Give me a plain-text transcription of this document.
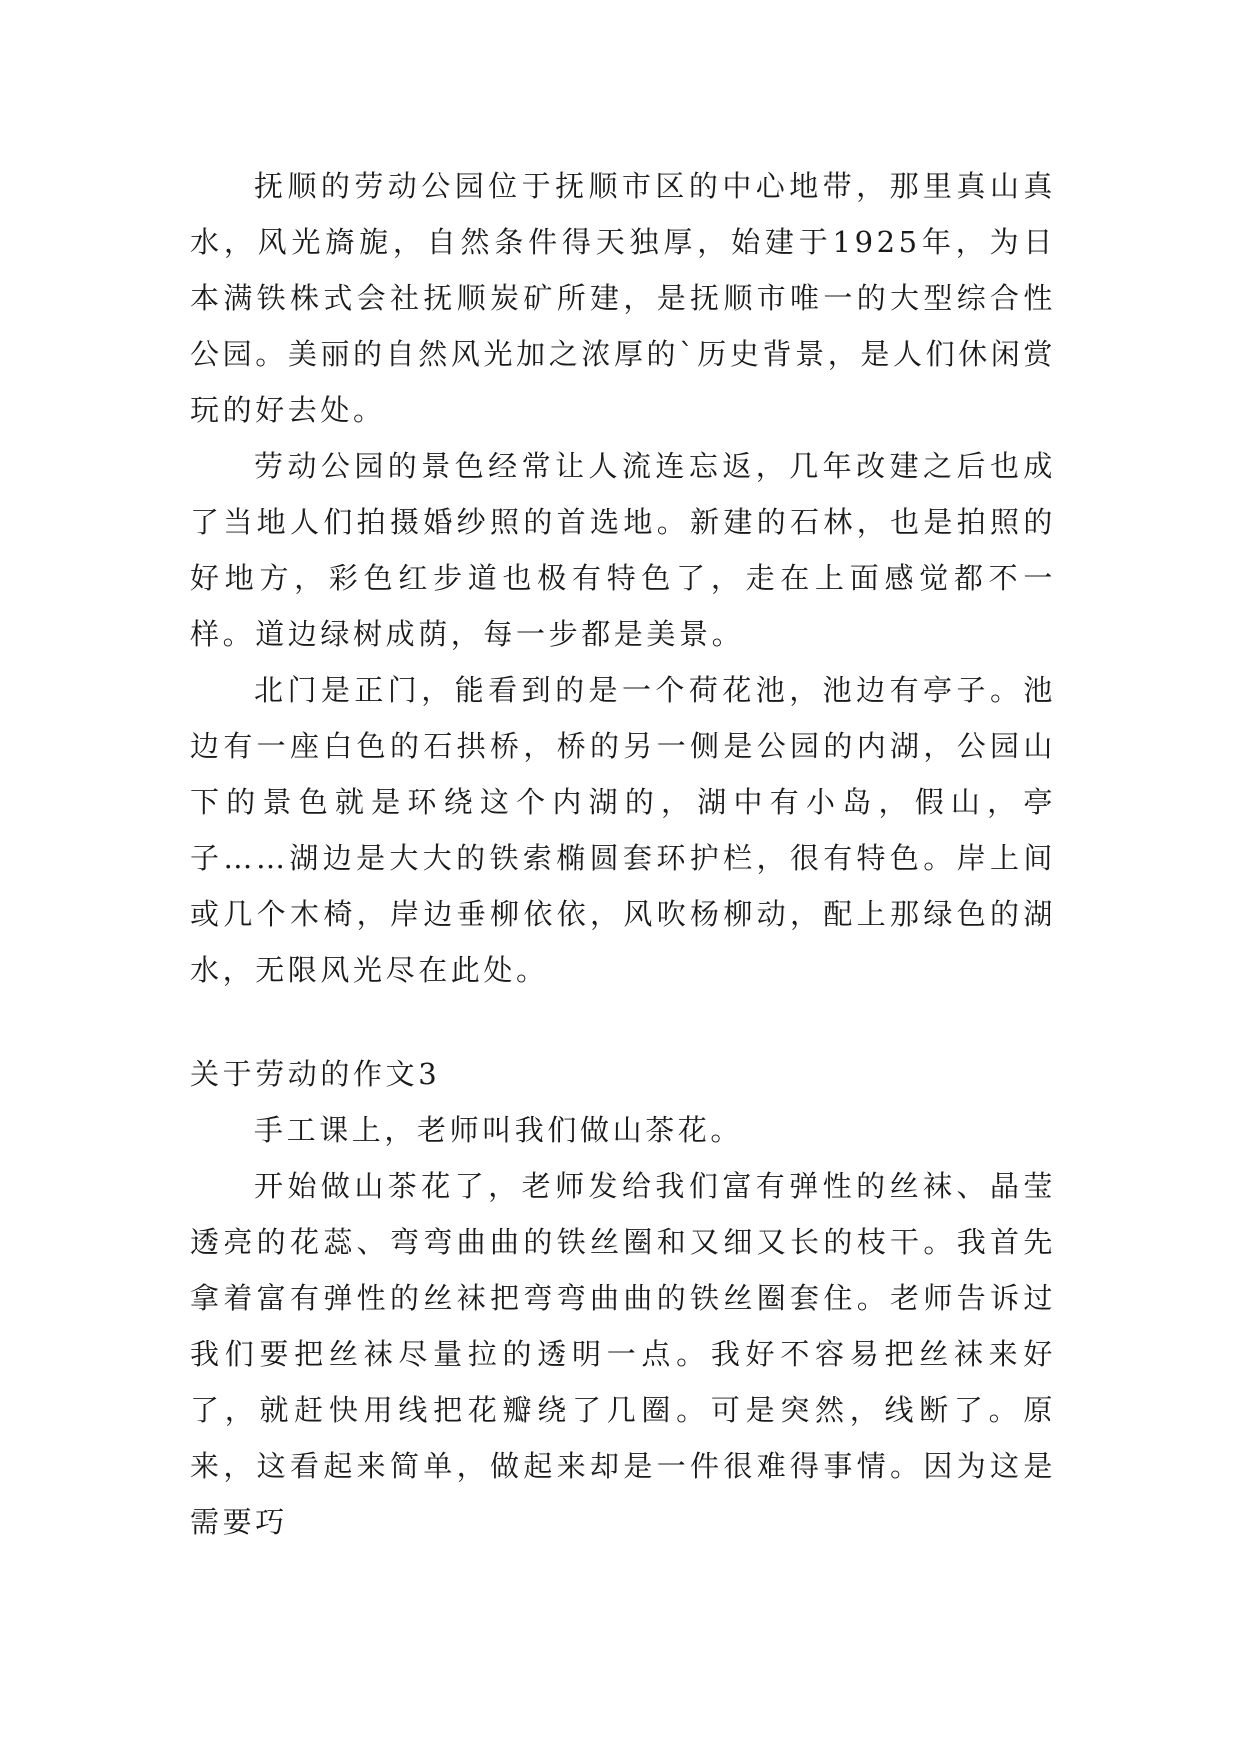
抚顺的劳动公园位于抚顺市区的中心地带，那里真山真水，风光旖旎，自然条件得天独厚，始建于1925年，为日本满铁株式会社抚顺炭矿所建，是抚顺市唯一的大型综合性公园。美丽的自然风光加之浓厚的`历史背景，是人们休闲赏玩的好去处。

劳动公园的景色经常让人流连忘返，几年改建之后也成了当地人们拍摄婚纱照的首选地。新建的石林，也是拍照的好地方，彩色红步道也极有特色了，走在上面感觉都不一样。道边绿树成荫，每一步都是美景。

北门是正门，能看到的是一个荷花池，池边有亭子。池边有一座白色的石拱桥，桥的另一侧是公园的内湖，公园山下的景色就是环绕这个内湖的，湖中有小岛，假山，亭子……湖边是大大的铁索椭圆套环护栏，很有特色。岸上间或几个木椅，岸边垂柳依依，风吹杨柳动，配上那绿色的湖水，无限风光尽在此处。

关于劳动的作文3

手工课上，老师叫我们做山茶花。

开始做山茶花了，老师发给我们富有弹性的丝袜、晶莹透亮的花蕊、弯弯曲曲的铁丝圈和又细又长的枝干。我首先拿着富有弹性的丝袜把弯弯曲曲的铁丝圈套住。老师告诉过我们要把丝袜尽量拉的透明一点。我好不容易把丝袜来好了，就赶快用线把花瓣绕了几圈。可是突然，线断了。原来，这看起来简单，做起来却是一件很难得事情。因为这是需要巧
